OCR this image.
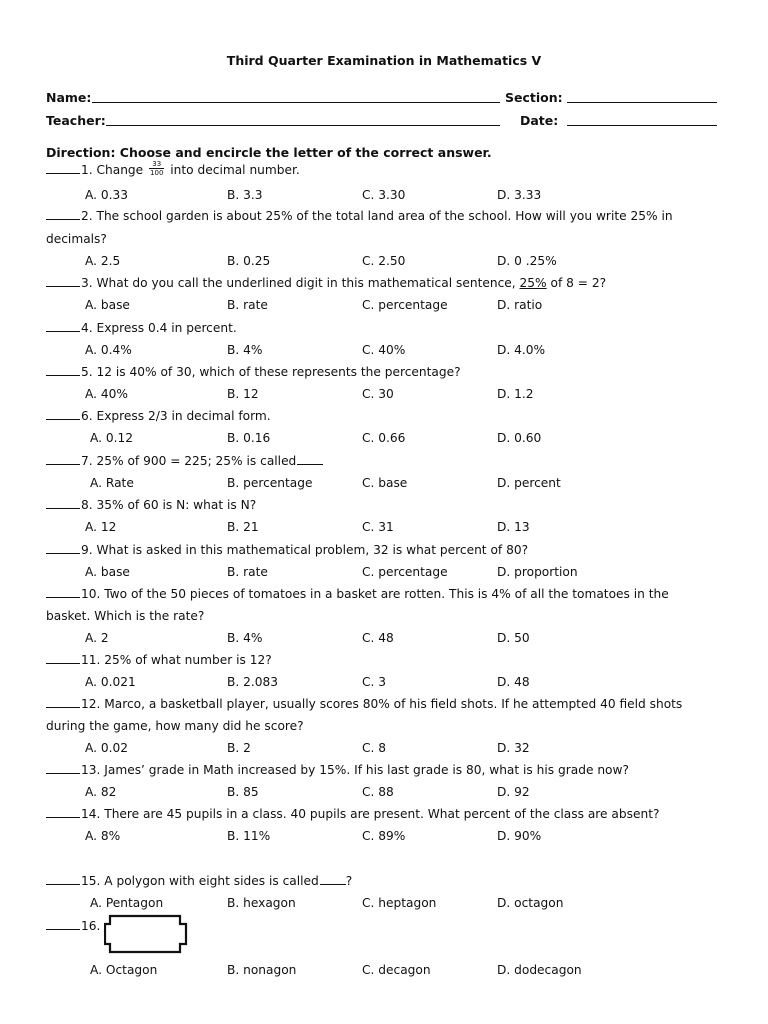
Third Quarter Examination in Mathematics V
Name:	Section:
Teacher:	Date:
Direction: Choose and encircle the letter of the correct answer.
1. Change $\frac{33}{100}$ into decimal number.
A. 0.33	B. 3.3	C. 3.30	D. 3.33
2. The school garden is about 25% of the total land area of the school. How will you write 25% in
decimals?
A. 2.5	B. 0.25	C. 2.50	D. 0 .25%
3. What do you call the underlined digit in this mathematical sentence, 25% of 8 = 2?
A. base	B. rate	C. percentage	D. ratio
4. Express 0.4 in percent.
A. 0.4%	B. 4%	C. 40%	D. 4.0%
5. 12 is 40% of 30, which of these represents the percentage?
A. 40%	B. 12	C. 30	D. 1.2
6. Express 2/3 in decimal form.
A. 0.12	B. 0.16	C. 0.66	D. 0.60
7. 25% of 900 = 225; 25% is called
A. Rate	B. percentage	C. base	D. percent
8. 35% of 60 is N: what is N?
A. 12	B. 21	C. 31	D. 13
9. What is asked in this mathematical problem, 32 is what percent of 80?
A. base	B. rate	C. percentage	D. proportion
10. Two of the 50 pieces of tomatoes in a basket are rotten. This is 4% of all the tomatoes in the
basket. Which is the rate?
A. 2	B. 4%	C. 48	D. 50
11. 25% of what number is 12?
A. 0.021	B. 2.083	C. 3	D. 48
12. Marco, a basketball player, usually scores 80% of his field shots. If he attempted 40 field shots
during the game, how many did he score?
A. 0.02	B. 2	C. 8	D. 32
13. James’ grade in Math increased by 15%. If his last grade is 80, what is his grade now?
A. 82	B. 85	C. 88	D. 92
14. There are 45 pupils in a class. 40 pupils are present. What percent of the class are absent?
A. 8%	B. 11%	C. 89%	D. 90%
15. A polygon with eight sides is called ?
A. Pentagon	B. hexagon	C. heptagon	D. octagon
16.
A. Octagon	B. nonagon	C. decagon	D. dodecagon
